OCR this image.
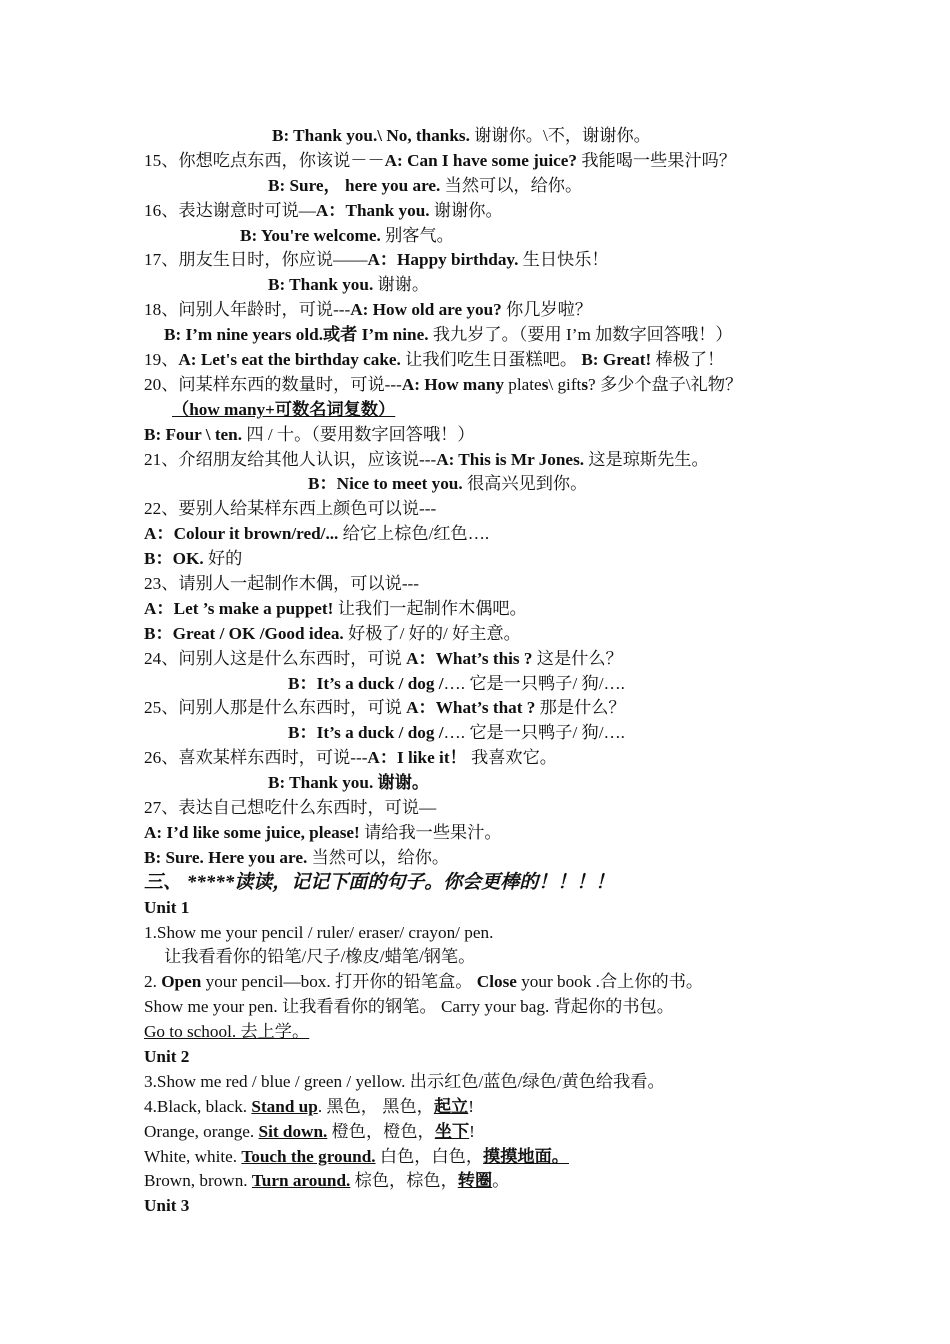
B: Thank you.\ No, thanks. 谢谢你。\不，谢谢你。
15、你想吃点东西，你该说－－A: Can I have some juice? 我能喝一些果汁吗？
B: Sure， here you are. 当然可以，给你。
16、表达谢意时可说—A：Thank you. 谢谢你。
B: You're welcome. 别客气。
17、朋友生日时，你应说——A：Happy birthday. 生日快乐！
B: Thank you. 谢谢。
18、问别人年龄时，可说---A: How old are you? 你几岁啦？
B: I’m nine years old.或者 I’m nine. 我九岁了。（要用 I’m 加数字回答哦！）
19、A: Let's eat the birthday cake. 让我们吃生日蛋糕吧。 B: Great! 棒极了！
20、问某样东西的数量时，可说---A: How many plates\ gifts? 多少个盘子\礼物？
（how many+可数名词复数）
B: Four \ ten. 四 / 十。（要用数字回答哦！）
21、介绍朋友给其他人认识，应该说---A: This is Mr Jones. 这是琼斯先生。
B：Nice to meet you. 很高兴见到你。
22、要别人给某样东西上颜色可以说---
A：Colour it brown/red/... 给它上棕色/红色….
B：OK. 好的
23、请别人一起制作木偶，可以说---
A：Let ’s make a puppet! 让我们一起制作木偶吧。
B：Great / OK /Good idea. 好极了/ 好的/ 好主意。
24、问别人这是什么东西时，可说 A：What’s this ? 这是什么？
B：It’s a duck / dog /…. 它是一只鸭子/ 狗/….
25、问别人那是什么东西时，可说 A：What’s that ? 那是什么？
B：It’s a duck / dog /…. 它是一只鸭子/ 狗/….
26、喜欢某样东西时，可说---A：I like it！ 我喜欢它。
B: Thank you. 谢谢。
27、表达自己想吃什么东西时，可说—
A: I’d like some juice, please! 请给我一些果汁。
B: Sure. Here you are. 当然可以，给你。
三、 *****读读，记记下面的句子。你会更棒的！！！！
Unit 1
1.Show me your pencil / ruler/ eraser/ crayon/ pen.
让我看看你的铅笔/尺子/橡皮/蜡笔/钢笔。
2. Open your pencil—box. 打开你的铅笔盒。 Close your book .合上你的书。
Show me your pen. 让我看看你的钢笔。 Carry your bag. 背起你的书包。
Go to school. 去上学。
Unit 2
3.Show me red / blue / green / yellow. 出示红色/蓝色/绿色/黄色给我看。
4.Black, black. Stand up. 黑色， 黑色，起立!
Orange, orange. Sit down. 橙色，橙色，坐下!
White, white. Touch the ground. 白色，白色，摸摸地面。
Brown, brown. Turn around. 棕色，棕色，转圈。
Unit 3
